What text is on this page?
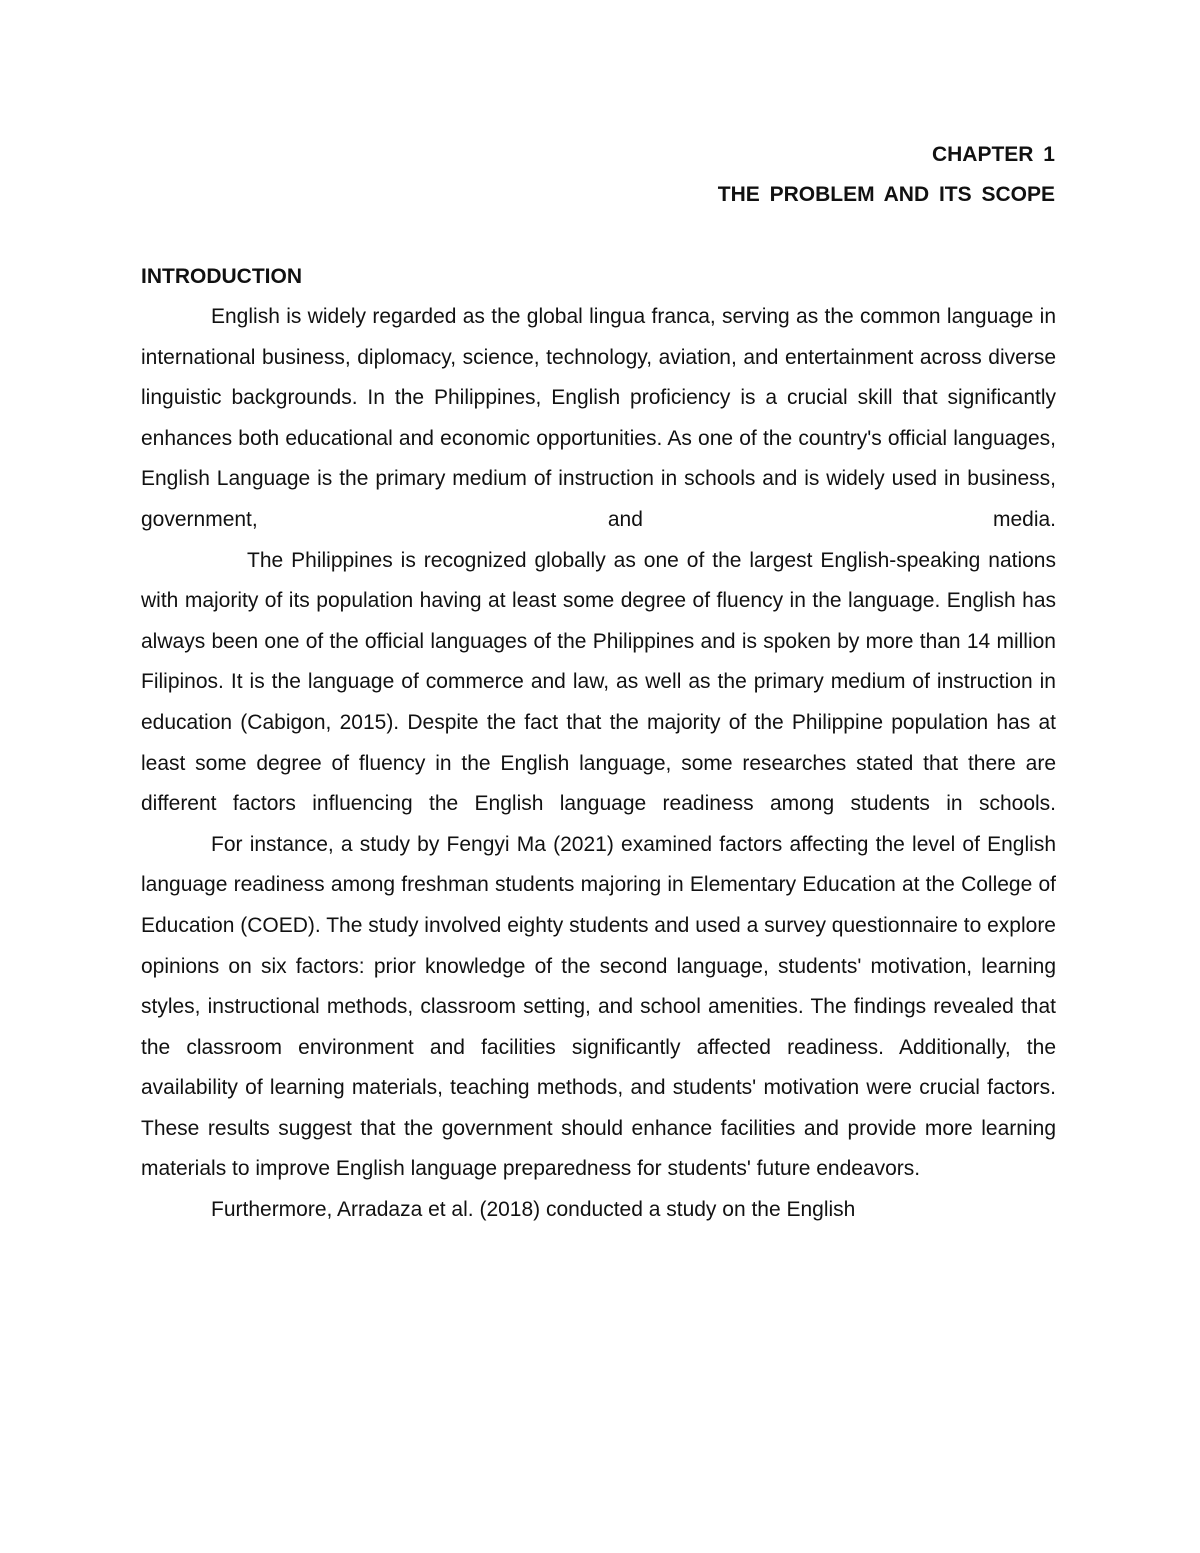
CHAPTER 1
THE PROBLEM AND ITS SCOPE
INTRODUCTION

English is widely regarded as the global lingua franca, serving as the common language in international business, diplomacy, science, technology, aviation, and entertainment across diverse linguistic backgrounds. In the Philippines, English proficiency is a crucial skill that significantly enhances both educational and economic opportunities. As one of the country's official languages, English Language is the primary medium of instruction in schools and is widely used in business, government, and media.

The Philippines is recognized globally as one of the largest English-speaking nations with majority of its population having at least some degree of fluency in the language. English has always been one of the official languages of the Philippines and is spoken by more than 14 million Filipinos. It is the language of commerce and law, as well as the primary medium of instruction in education (Cabigon, 2015). Despite the fact that the majority of the Philippine population has at least some degree of fluency in the English language, some researches stated that there are different factors influencing the English language readiness among students in schools.

For instance, a study by Fengyi Ma (2021) examined factors affecting the level of English language readiness among freshman students majoring in Elementary Education at the College of Education (COED). The study involved eighty students and used a survey questionnaire to explore opinions on six factors: prior knowledge of the second language, students' motivation, learning styles, instructional methods, classroom setting, and school amenities. The findings revealed that the classroom environment and facilities significantly affected readiness. Additionally, the availability of learning materials, teaching methods, and students' motivation were crucial factors. These results suggest that the government should enhance facilities and provide more learning materials to improve English language preparedness for students' future endeavors.

Furthermore, Arradaza et al. (2018) conducted a study on the English
